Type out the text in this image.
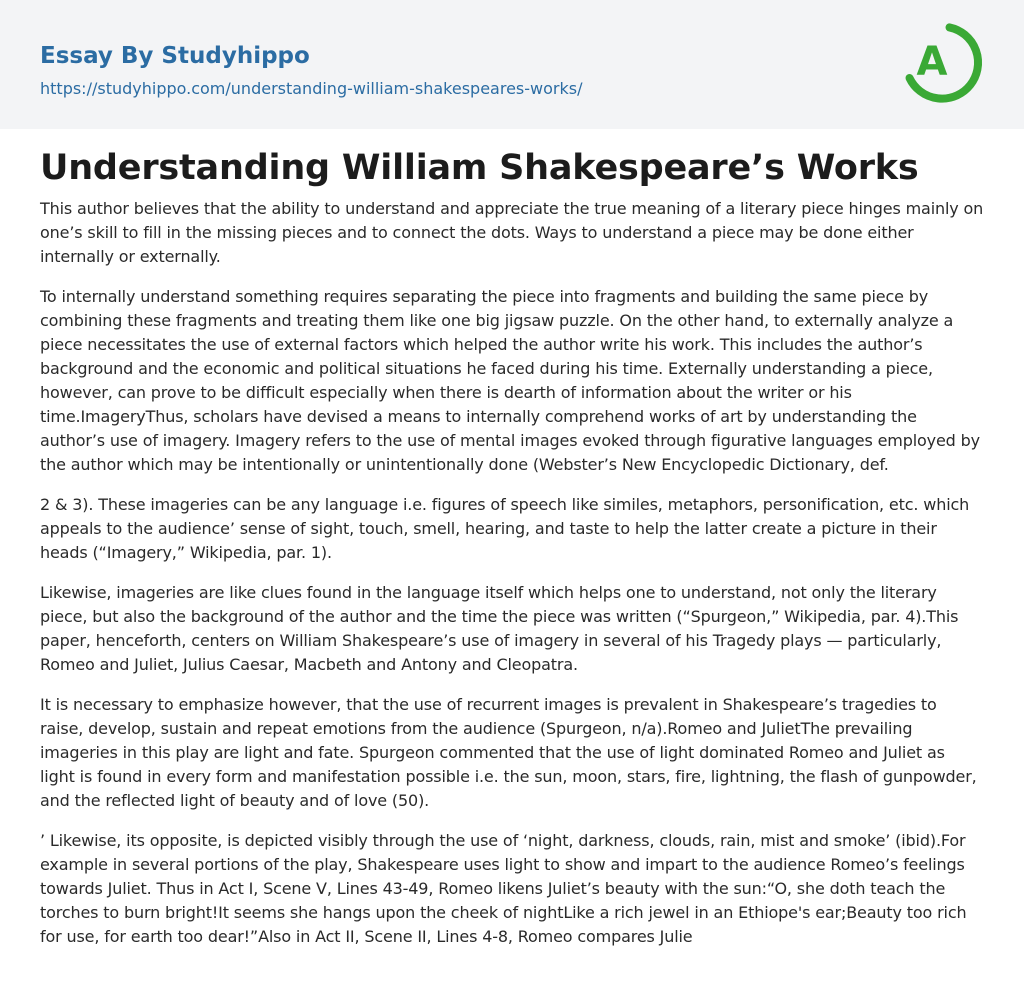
Essay By Studyhippo
https://studyhippo.com/understanding-william-shakespeares-works/
A
Understanding William Shakespeare’s Works

This author believes that the ability to understand and appreciate the true meaning of a literary piece hinges mainly on one’s skill to fill in the missing pieces and to connect the dots. Ways to understand a piece may be done either internally or externally.

To internally understand something requires separating the piece into fragments and building the same piece by combining these fragments and treating them like one big jigsaw puzzle. On the other hand, to externally analyze a piece necessitates the use of external factors which helped the author write his work. This includes the author’s background and the economic and political situations he faced during his time. Externally understanding a piece, however, can prove to be difficult especially when there is dearth of information about the writer or his time.ImageryThus, scholars have devised a means to internally comprehend works of art by understanding the author’s use of imagery. Imagery refers to the use of mental images evoked through figurative languages employed by the author which may be intentionally or unintentionally done (Webster’s New Encyclopedic Dictionary, def.

2 & 3). These imageries can be any language i.e. figures of speech like similes, metaphors, personification, etc. which appeals to the audience’ sense of sight, touch, smell, hearing, and taste to help the latter create a picture in their heads (“Imagery,” Wikipedia, par. 1).

Likewise, imageries are like clues found in the language itself which helps one to understand, not only the literary piece, but also the background of the author and the time the piece was written (“Spurgeon,” Wikipedia, par. 4).This paper, henceforth, centers on William Shakespeare’s use of imagery in several of his Tragedy plays — particularly, Romeo and Juliet, Julius Caesar, Macbeth and Antony and Cleopatra.

It is necessary to emphasize however, that the use of recurrent images is prevalent in Shakespeare’s tragedies to raise, develop, sustain and repeat emotions from the audience (Spurgeon, n/a).Romeo and JulietThe prevailing imageries in this play are light and fate. Spurgeon commented that the use of light dominated Romeo and Juliet as light is found in every form and manifestation possible i.e. the sun, moon, stars, fire, lightning, the flash of gunpowder, and the reflected light of beauty and of love (50).

’ Likewise, its opposite, is depicted visibly through the use of ‘night, darkness, clouds, rain, mist and smoke’ (ibid).For example in several portions of the play, Shakespeare uses light to show and impart to the audience Romeo’s feelings towards Juliet. Thus in Act I, Scene V, Lines 43-49, Romeo likens Juliet’s beauty with the sun:“O, she doth teach the torches to burn bright!It seems she hangs upon the cheek of nightLike a rich jewel in an Ethiope's ear;Beauty too rich for use, for earth too dear!”Also in Act II, Scene II, Lines 4-8, Romeo compares Julie
